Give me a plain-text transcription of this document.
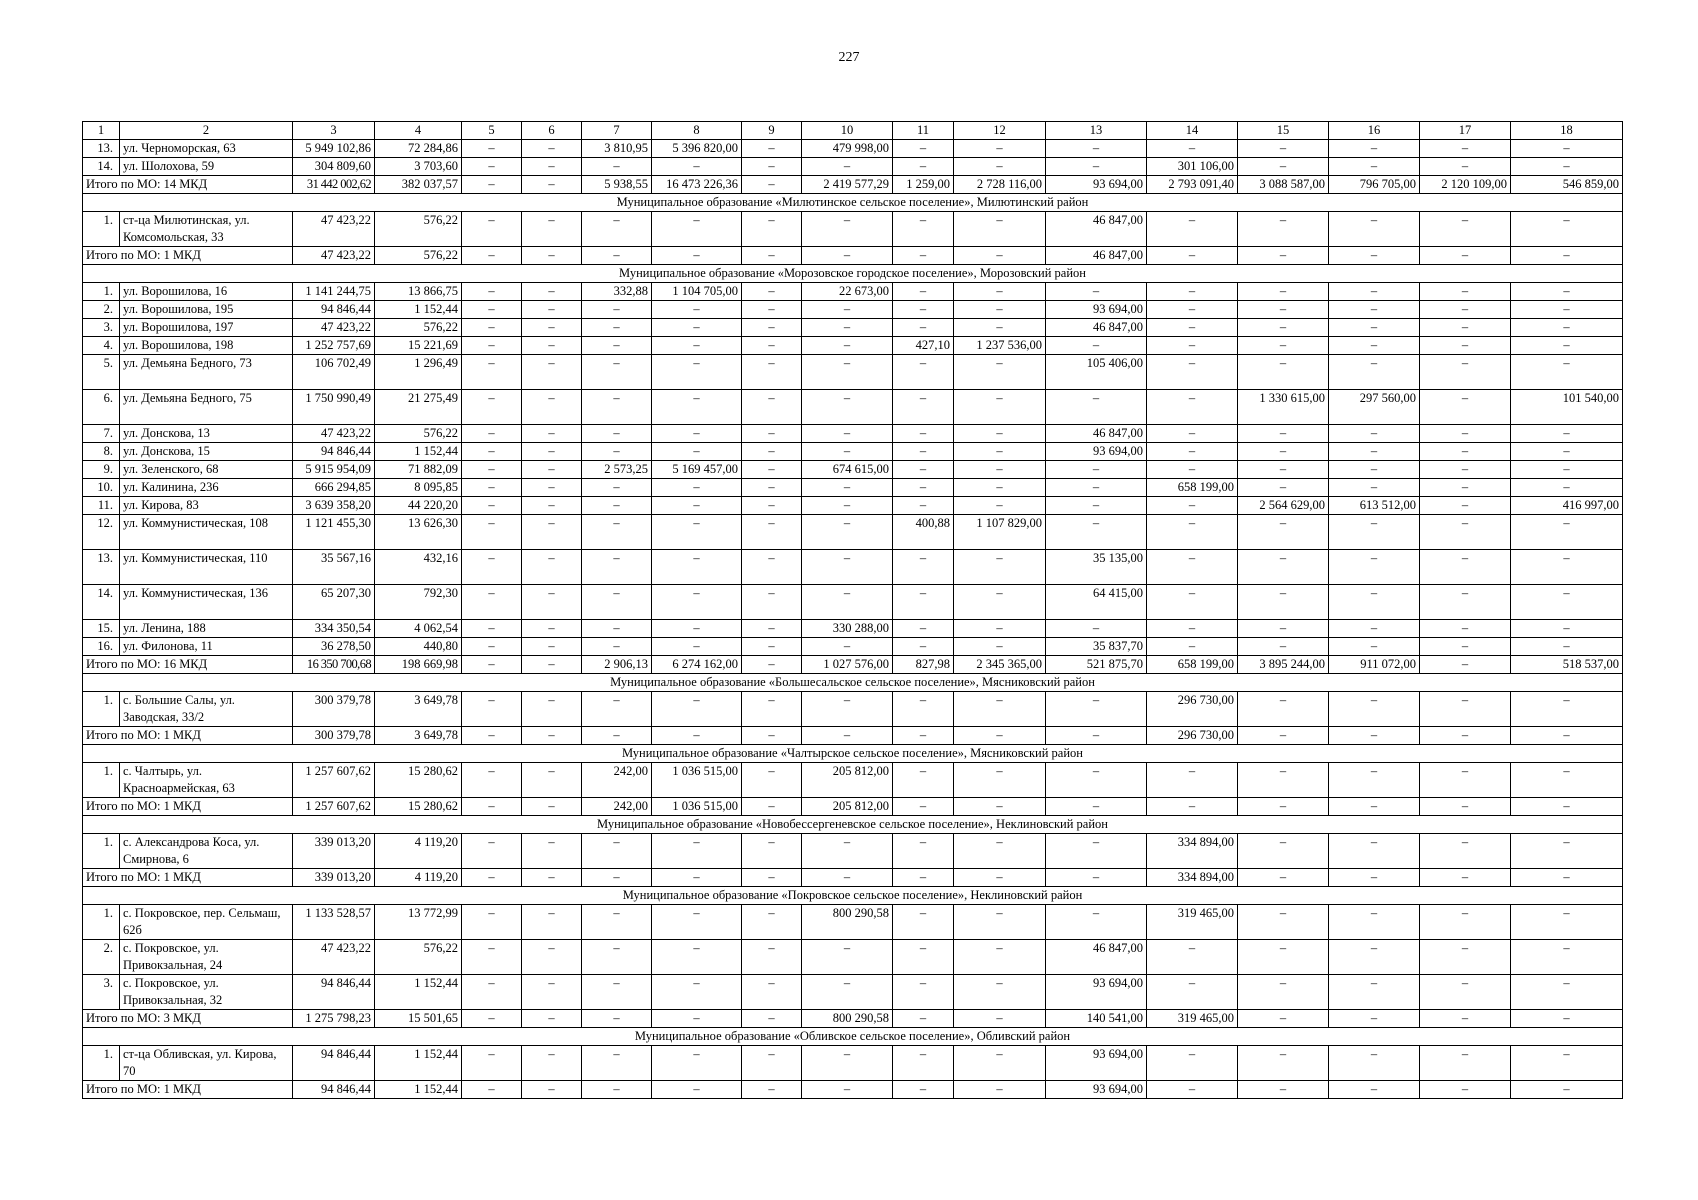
227
1	2	3	4	5	6	7	8	9	10	11	12	13	14	15	16	17	18
13.	ул. Черноморская, 63	5 949 102,86	72 284,86	–	–	3 810,95	5 396 820,00	–	479 998,00	–	–	–	–	–	–	–	–
14.	ул. Шолохова, 59	304 809,60	3 703,60	–	–	–	–	–	–	–	–	–	301 106,00	–	–	–	–
Итого по МО: 14 МКД		31 442 002,62	382 037,57	–	–	5 938,55	16 473 226,36	–	2 419 577,29	1 259,00	2 728 116,00	93 694,00	2 793 091,40	3 088 587,00	796 705,00	2 120 109,00	546 859,00
Муниципальное образование «Милютинское сельское поселение», Милютинский район																	
1.	ст-ца Милютинская, ул. Комсомольская, 33	47 423,22	576,22	–	–	–	–	–	–	–	–	46 847,00	–	–	–	–	–
Итого по МО: 1 МКД		47 423,22	576,22	–	–	–	–	–	–	–	–	46 847,00	–	–	–	–	–
Муниципальное образование «Морозовское городское поселение», Морозовский район																	
1.	ул. Ворошилова, 16	1 141 244,75	13 866,75	–	–	332,88	1 104 705,00	–	22 673,00	–	–	–	–	–	–	–	–
2.	ул. Ворошилова, 195	94 846,44	1 152,44	–	–	–	–	–	–	–	–	93 694,00	–	–	–	–	–
3.	ул. Ворошилова, 197	47 423,22	576,22	–	–	–	–	–	–	–	–	46 847,00	–	–	–	–	–
4.	ул. Ворошилова, 198	1 252 757,69	15 221,69	–	–	–	–	–	–	427,10	1 237 536,00	–	–	–	–	–	–
5.	ул. Демьяна Бедного, 73	106 702,49	1 296,49	–	–	–	–	–	–	–	–	105 406,00	–	–	–	–	–
6.	ул. Демьяна Бедного, 75	1 750 990,49	21 275,49	–	–	–	–	–	–	–	–	–	–	1 330 615,00	297 560,00	–	101 540,00
7.	ул. Донскова, 13	47 423,22	576,22	–	–	–	–	–	–	–	–	46 847,00	–	–	–	–	–
8.	ул. Донскова, 15	94 846,44	1 152,44	–	–	–	–	–	–	–	–	93 694,00	–	–	–	–	–
9.	ул. Зеленского, 68	5 915 954,09	71 882,09	–	–	2 573,25	5 169 457,00	–	674 615,00	–	–	–	–	–	–	–	–
10.	ул. Калинина, 236	666 294,85	8 095,85	–	–	–	–	–	–	–	–	–	658 199,00	–	–	–	–
11.	ул. Кирова, 83	3 639 358,20	44 220,20	–	–	–	–	–	–	–	–	–	–	2 564 629,00	613 512,00	–	416 997,00
12.	ул. Коммунистическая, 108	1 121 455,30	13 626,30	–	–	–	–	–	–	400,88	1 107 829,00	–	–	–	–	–	–
13.	ул. Коммунистическая, 110	35 567,16	432,16	–	–	–	–	–	–	–	–	35 135,00	–	–	–	–	–
14.	ул. Коммунистическая, 136	65 207,30	792,30	–	–	–	–	–	–	–	–	64 415,00	–	–	–	–	–
15.	ул. Ленина, 188	334 350,54	4 062,54	–	–	–	–	–	330 288,00	–	–	–	–	–	–	–	–
16.	ул. Филонова, 11	36 278,50	440,80	–	–	–	–	–	–	–	–	35 837,70	–	–	–	–	–
Итого по МО: 16 МКД		16 350 700,68	198 669,98	–	–	2 906,13	6 274 162,00	–	1 027 576,00	827,98	2 345 365,00	521 875,70	658 199,00	3 895 244,00	911 072,00	–	518 537,00
Муниципальное образование «Большесальское сельское поселение», Мясниковский район																	
1.	с. Большие Салы, ул. Заводская, 33/2	300 379,78	3 649,78	–	–	–	–	–	–	–	–	–	296 730,00	–	–	–	–
Итого по МО: 1 МКД		300 379,78	3 649,78	–	–	–	–	–	–	–	–	–	296 730,00	–	–	–	–
Муниципальное образование «Чалтырское сельское поселение», Мясниковский район																	
1.	с. Чалтырь, ул. Красноармейская, 63	1 257 607,62	15 280,62	–	–	242,00	1 036 515,00	–	205 812,00	–	–	–	–	–	–	–	–
Итого по МО: 1 МКД		1 257 607,62	15 280,62	–	–	242,00	1 036 515,00	–	205 812,00	–	–	–	–	–	–	–	–
Муниципальное образование «Новобессергеневское сельское поселение», Неклиновский район																	
1.	с. Александрова Коса, ул. Смирнова, 6	339 013,20	4 119,20	–	–	–	–	–	–	–	–	–	334 894,00	–	–	–	–
Итого по МО: 1 МКД		339 013,20	4 119,20	–	–	–	–	–	–	–	–	–	334 894,00	–	–	–	–
Муниципальное образование «Покровское сельское поселение», Неклиновский район																	
1.	с. Покровское, пер. Сельмаш, 62б	1 133 528,57	13 772,99	–	–	–	–	–	800 290,58	–	–	–	319 465,00	–	–	–	–
2.	с. Покровское, ул. Привокзальная, 24	47 423,22	576,22	–	–	–	–	–	–	–	–	46 847,00	–	–	–	–	–
3.	с. Покровское, ул. Привокзальная, 32	94 846,44	1 152,44	–	–	–	–	–	–	–	–	93 694,00	–	–	–	–	–
Итого по МО: 3 МКД		1 275 798,23	15 501,65	–	–	–	–	–	800 290,58	–	–	140 541,00	319 465,00	–	–	–	–
Муниципальное образование «Обливское сельское поселение», Обливский район																	
1.	ст-ца Обливская, ул. Кирова, 70	94 846,44	1 152,44	–	–	–	–	–	–	–	–	93 694,00	–	–	–	–	–
Итого по МО: 1 МКД		94 846,44	1 152,44	–	–	–	–	–	–	–	–	93 694,00	–	–	–	–	–
